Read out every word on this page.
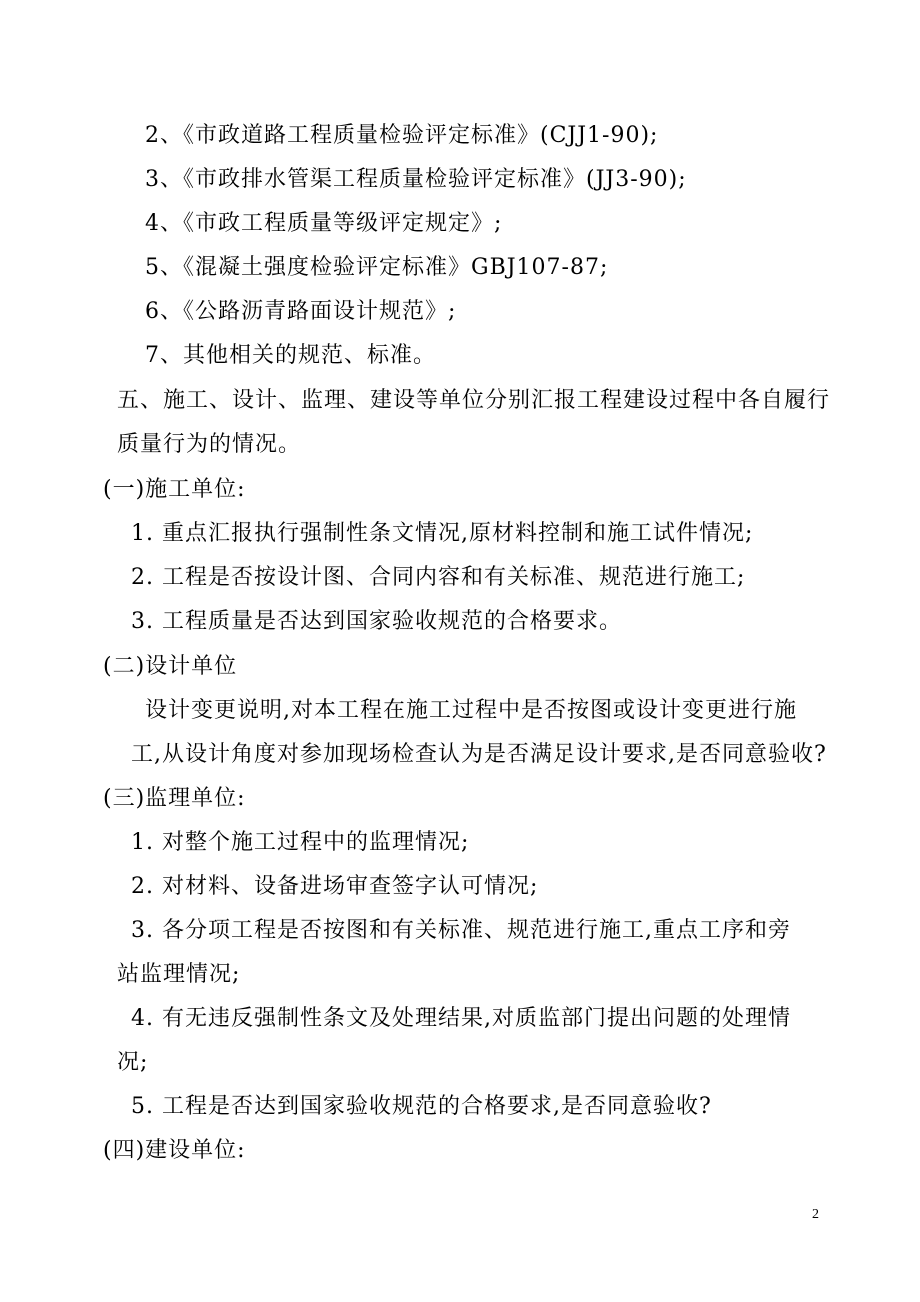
2、《市政道路工程质量检验评定标准》(CJJ1-90);
3、《市政排水管渠工程质量检验评定标准》(JJ3-90);
4、《市政工程质量等级评定规定》;
5、《混凝土强度检验评定标准》GBJ107-87;
6、《公路沥青路面设计规范》;
7、其他相关的规范、标准。
五、施工、设计、监理、建设等单位分别汇报工程建设过程中各自履行
质量行为的情况。
(一)施工单位:
1. 重点汇报执行强制性条文情况,原材料控制和施工试件情况;
2. 工程是否按设计图、合同内容和有关标准、规范进行施工;
3. 工程质量是否达到国家验收规范的合格要求。
(二)设计单位
设计变更说明,对本工程在施工过程中是否按图或设计变更进行施
工,从设计角度对参加现场检查认为是否满足设计要求,是否同意验收?
(三)监理单位:
1. 对整个施工过程中的监理情况;
2. 对材料、设备进场审查签字认可情况;
3. 各分项工程是否按图和有关标准、规范进行施工,重点工序和旁
站监理情况;
4. 有无违反强制性条文及处理结果,对质监部门提出问题的处理情
况;
5. 工程是否达到国家验收规范的合格要求,是否同意验收?
(四)建设单位:
2
